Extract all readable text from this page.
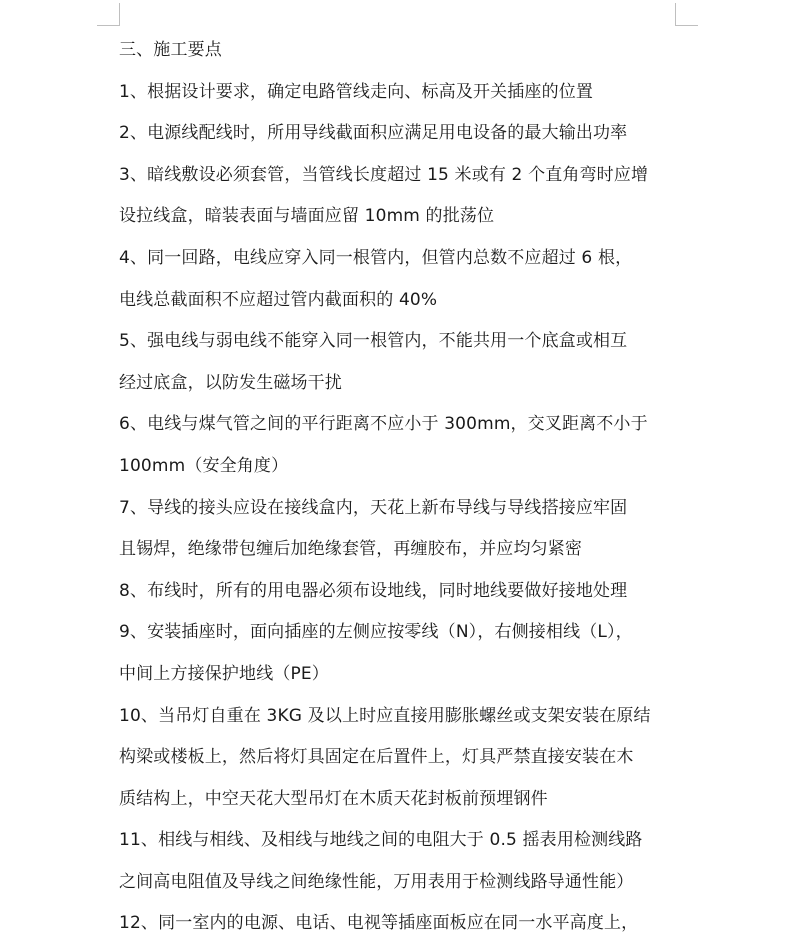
三、施工要点
1、根据设计要求，确定电路管线走向、标高及开关插座的位置
2、电源线配线时，所用导线截面积应满足用电设备的最大输出功率
3、暗线敷设必须套管，当管线长度超过 15 米或有 2 个直角弯时应增
设拉线盒，暗装表面与墙面应留 10mm 的批荡位
4、同一回路，电线应穿入同一根管内，但管内总数不应超过 6 根，
电线总截面积不应超过管内截面积的 40%
5、强电线与弱电线不能穿入同一根管内，不能共用一个底盒或相互
经过底盒，以防发生磁场干扰
6、电线与煤气管之间的平行距离不应小于 300mm，交叉距离不小于
100mm（安全角度）
7、导线的接头应设在接线盒内，天花上新布导线与导线搭接应牢固
且锡焊，绝缘带包缠后加绝缘套管，再缠胶布，并应均匀紧密
8、布线时，所有的用电器必须布设地线，同时地线要做好接地处理
9、安装插座时，面向插座的左侧应按零线（N），右侧接相线（L），
中间上方接保护地线（PE）
10、当吊灯自重在 3KG 及以上时应直接用膨胀螺丝或支架安装在原结
构梁或楼板上，然后将灯具固定在后置件上，灯具严禁直接安装在木
质结构上，中空天花大型吊灯在木质天花封板前预埋钢件
11、相线与相线、及相线与地线之间的电阻大于 0.5 摇表用检测线路
之间高电阻值及导线之间绝缘性能，万用表用于检测线路导通性能）
12、同一室内的电源、电话、电视等插座面板应在同一水平高度上，
